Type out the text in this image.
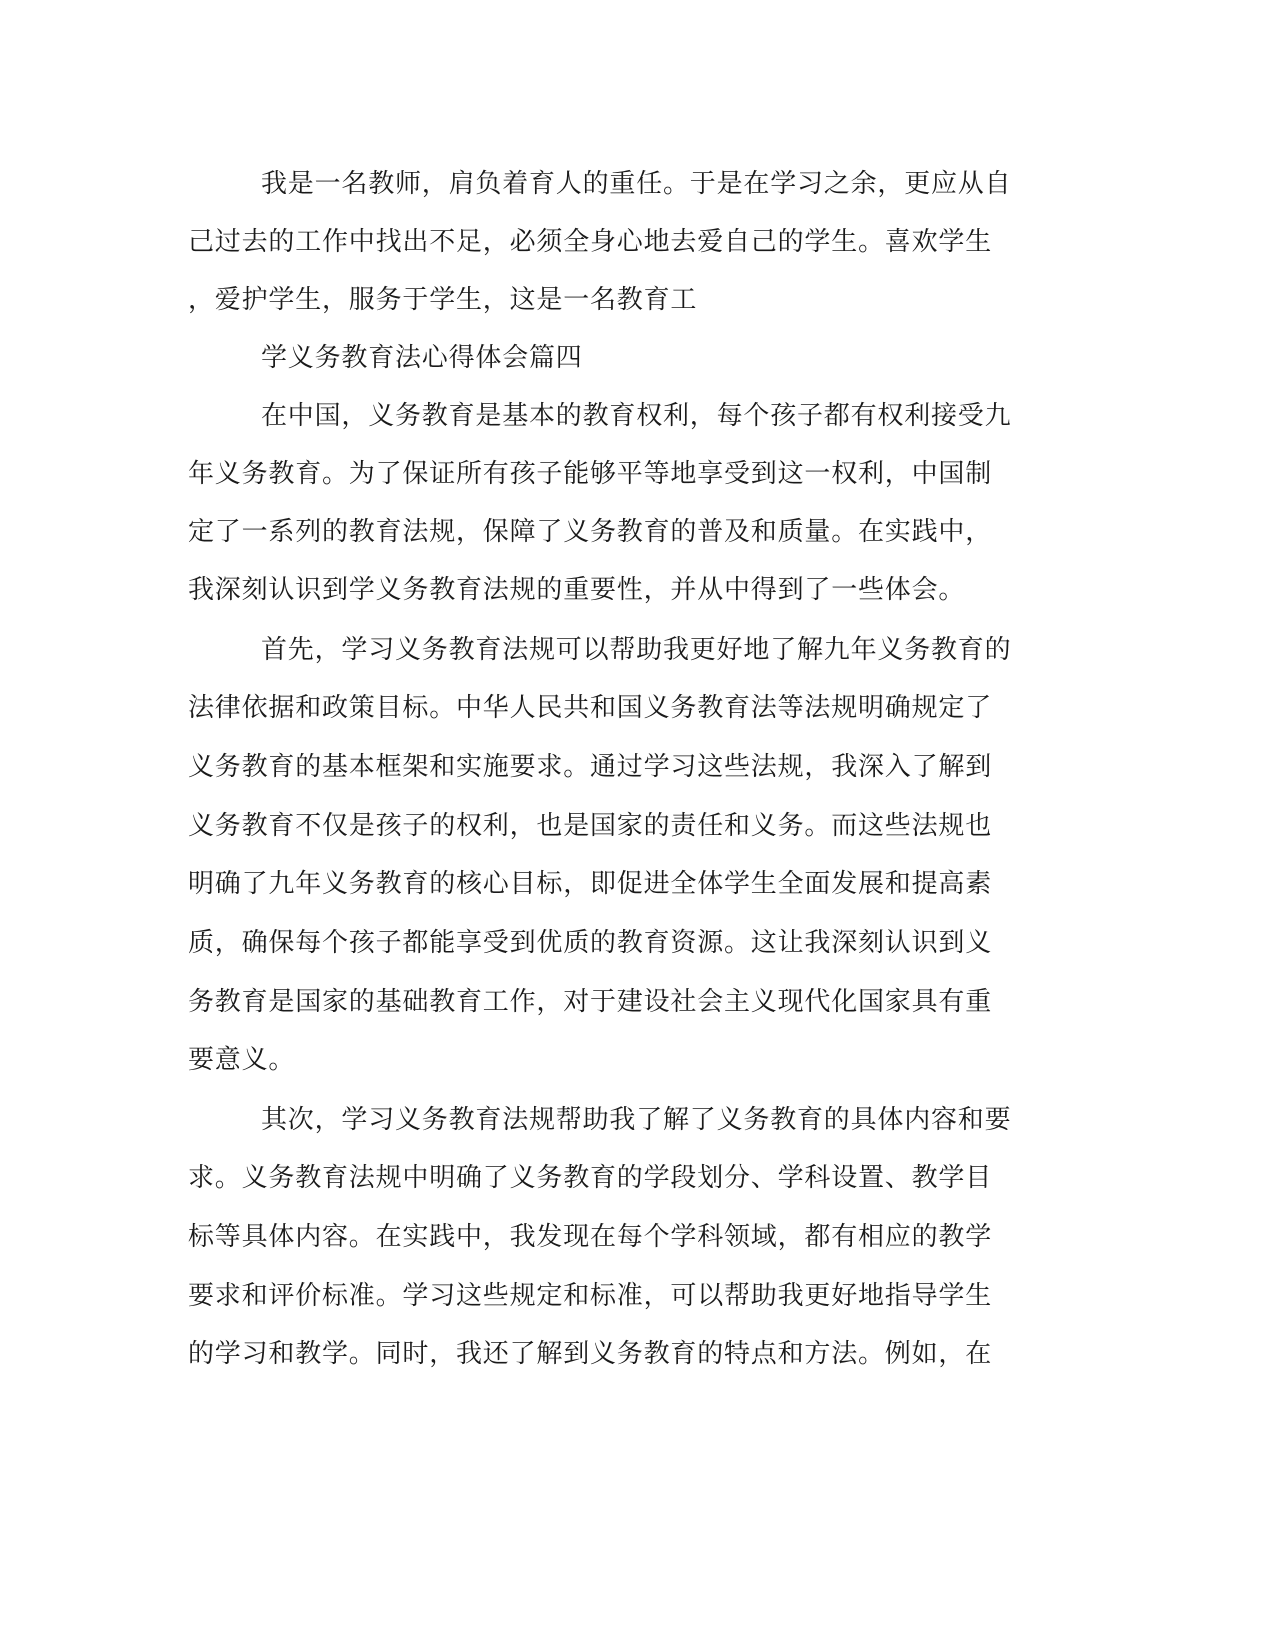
我是一名教师，肩负着育人的重任。于是在学习之余，更应从自
己过去的工作中找出不足，必须全身心地去爱自己的学生。喜欢学生
，爱护学生，服务于学生，这是一名教育工
学义务教育法心得体会篇四
在中国，义务教育是基本的教育权利，每个孩子都有权利接受九
年义务教育。为了保证所有孩子能够平等地享受到这一权利，中国制
定了一系列的教育法规，保障了义务教育的普及和质量。在实践中，
我深刻认识到学义务教育法规的重要性，并从中得到了一些体会。
首先，学习义务教育法规可以帮助我更好地了解九年义务教育的
法律依据和政策目标。中华人民共和国义务教育法等法规明确规定了
义务教育的基本框架和实施要求。通过学习这些法规，我深入了解到
义务教育不仅是孩子的权利，也是国家的责任和义务。而这些法规也
明确了九年义务教育的核心目标，即促进全体学生全面发展和提高素
质，确保每个孩子都能享受到优质的教育资源。这让我深刻认识到义
务教育是国家的基础教育工作，对于建设社会主义现代化国家具有重
要意义。
其次，学习义务教育法规帮助我了解了义务教育的具体内容和要
求。义务教育法规中明确了义务教育的学段划分、学科设置、教学目
标等具体内容。在实践中，我发现在每个学科领域，都有相应的教学
要求和评价标准。学习这些规定和标准，可以帮助我更好地指导学生
的学习和教学。同时，我还了解到义务教育的特点和方法。例如，在
